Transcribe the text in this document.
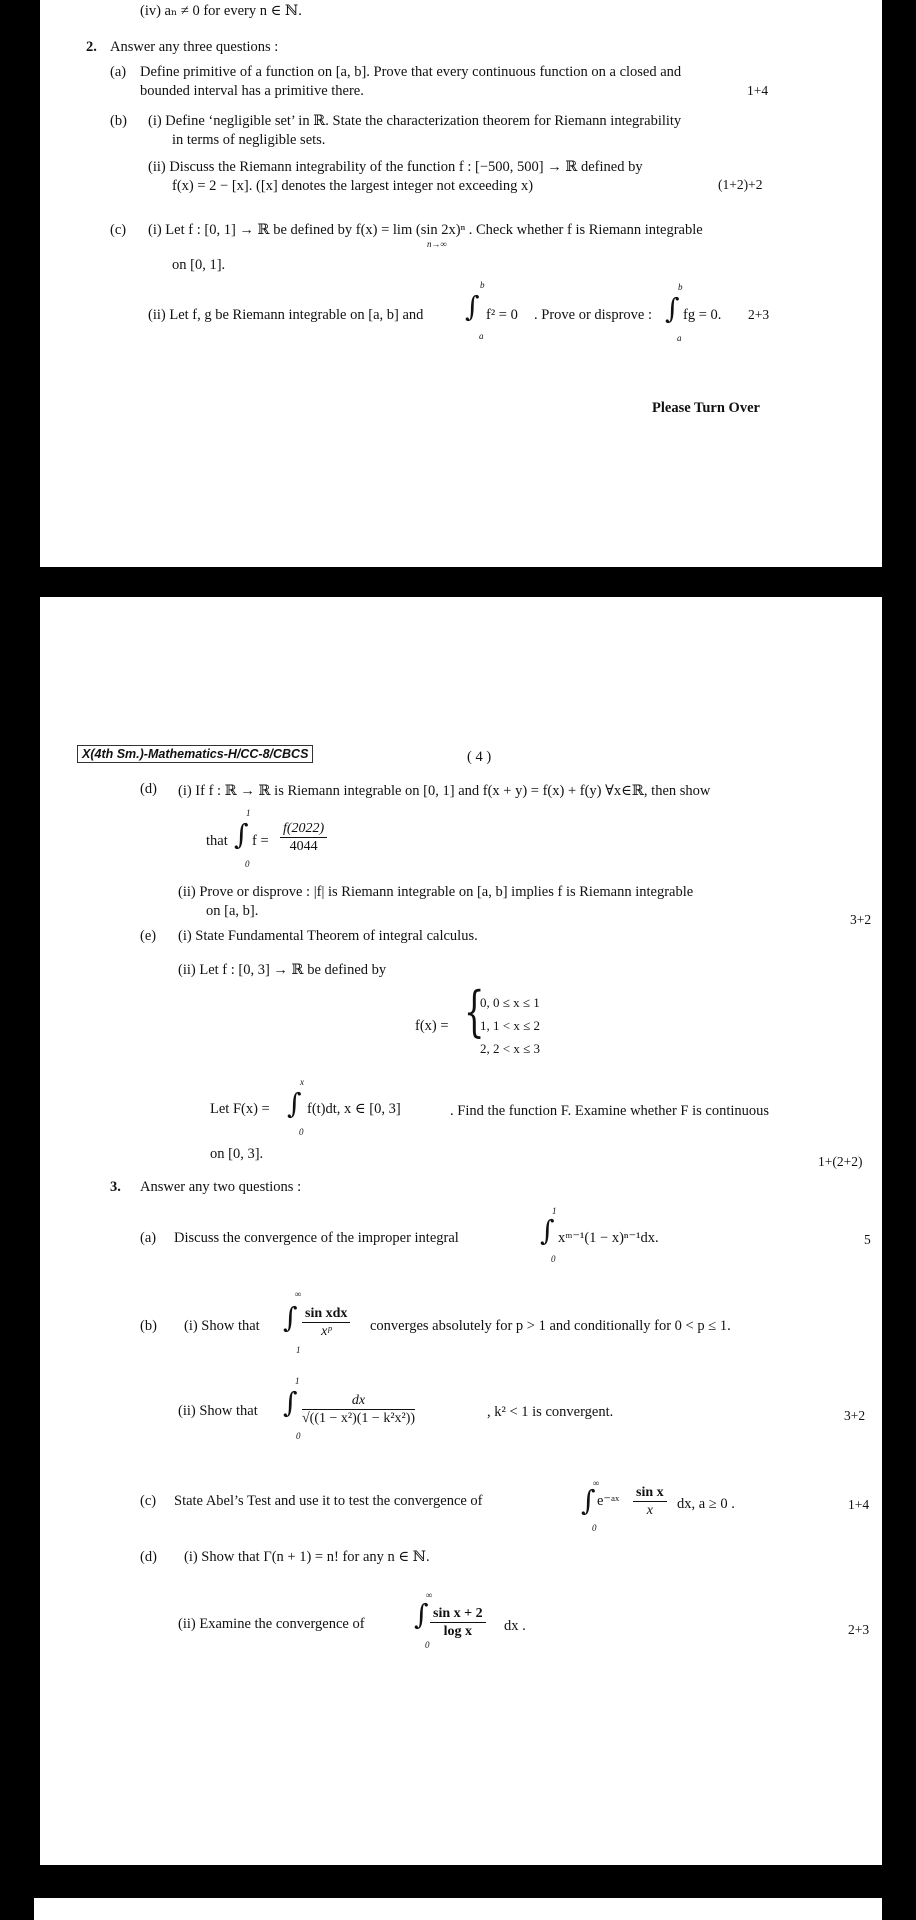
(iv) aₙ ≠ 0 for every n ∈ ℕ.
2. Answer any three questions :
(a) Define primitive of a function on [a, b]. Prove that every continuous function on a closed and
bounded interval has a primitive there.	1+4
(b) (i) Define ‘negligible set’ in ℝ. State the characterization theorem for Riemann integrability
in terms of negligible sets.
(ii) Discuss the Riemann integrability of the function f : [−500, 500] → ℝ defined by
f(x) = 2 − [x]. ([x] denotes the largest integer not exceeding x)	(1+2)+2
(c) (i) Let f : [0, 1] → ℝ be defined by f(x) = lim (sin 2x)ⁿ . Check whether f is Riemann integrable
n→∞
on [0, 1].
(ii) Let f, g be Riemann integrable on [a, b] and
b
∫
a
f² = 0 . Prove or disprove :
b
∫
a
fg = 0. 2+3
Please Turn Over
X(4th Sm.)-Mathematics-H/CC-8/CBCS	( 4 )
(d) (i) If f : ℝ → ℝ is Riemann integrable on [0, 1] and f(x + y) = f(x) + f(y) ∀x∈ℝ, then show
that
1
∫
0
$f = \frac{f(2022)}{4044}$
(ii) Prove or disprove : |f| is Riemann integrable on [a, b] implies f is Riemann integrable
on [a, b].
3+2
(e) (i) State Fundamental Theorem of integral calculus.
(ii) Let f : [0, 3] → ℝ be defined by
f(x) = {
0, 0 ≤ x ≤ 1
1, 1 < x ≤ 2
2, 2 < x ≤ 3
Let F(x) =
x
∫
0
f(t)dt, x ∈ [0, 3]	. Find the function F. Examine whether F is continuous
on [0, 3].	1+(2+2)
3. Answer any two questions :
(a) Discuss the convergence of the improper integral
1
∫
0
xᵐ⁻¹(1 − x)ⁿ⁻¹dx.	5
(b) (i) Show that
∞
∫
1
sin xdx
xᵖ	converges absolutely for p > 1 and conditionally for 0 < p ≤ 1.
(ii) Show that
1
∫
0
$\frac{dx}{\text{√((1 − x²)(1 − k²x²))}}$	, k² < 1 is convergent.	3+2
(c) State Abel’s Test and use it to test the convergence of
∞
∫
0
e⁻ᵃˣ $\frac{\text{sin x}}{x}$ dx, a ≥ 0 .	1+4
(d) (i) Show that Γ(n + 1) = n! for any n ∈ ℕ.
(ii) Examine the convergence of
∞
∫
0
$\frac{\text{sin x + 2}}{\text{log x}}$ dx .	2+3
